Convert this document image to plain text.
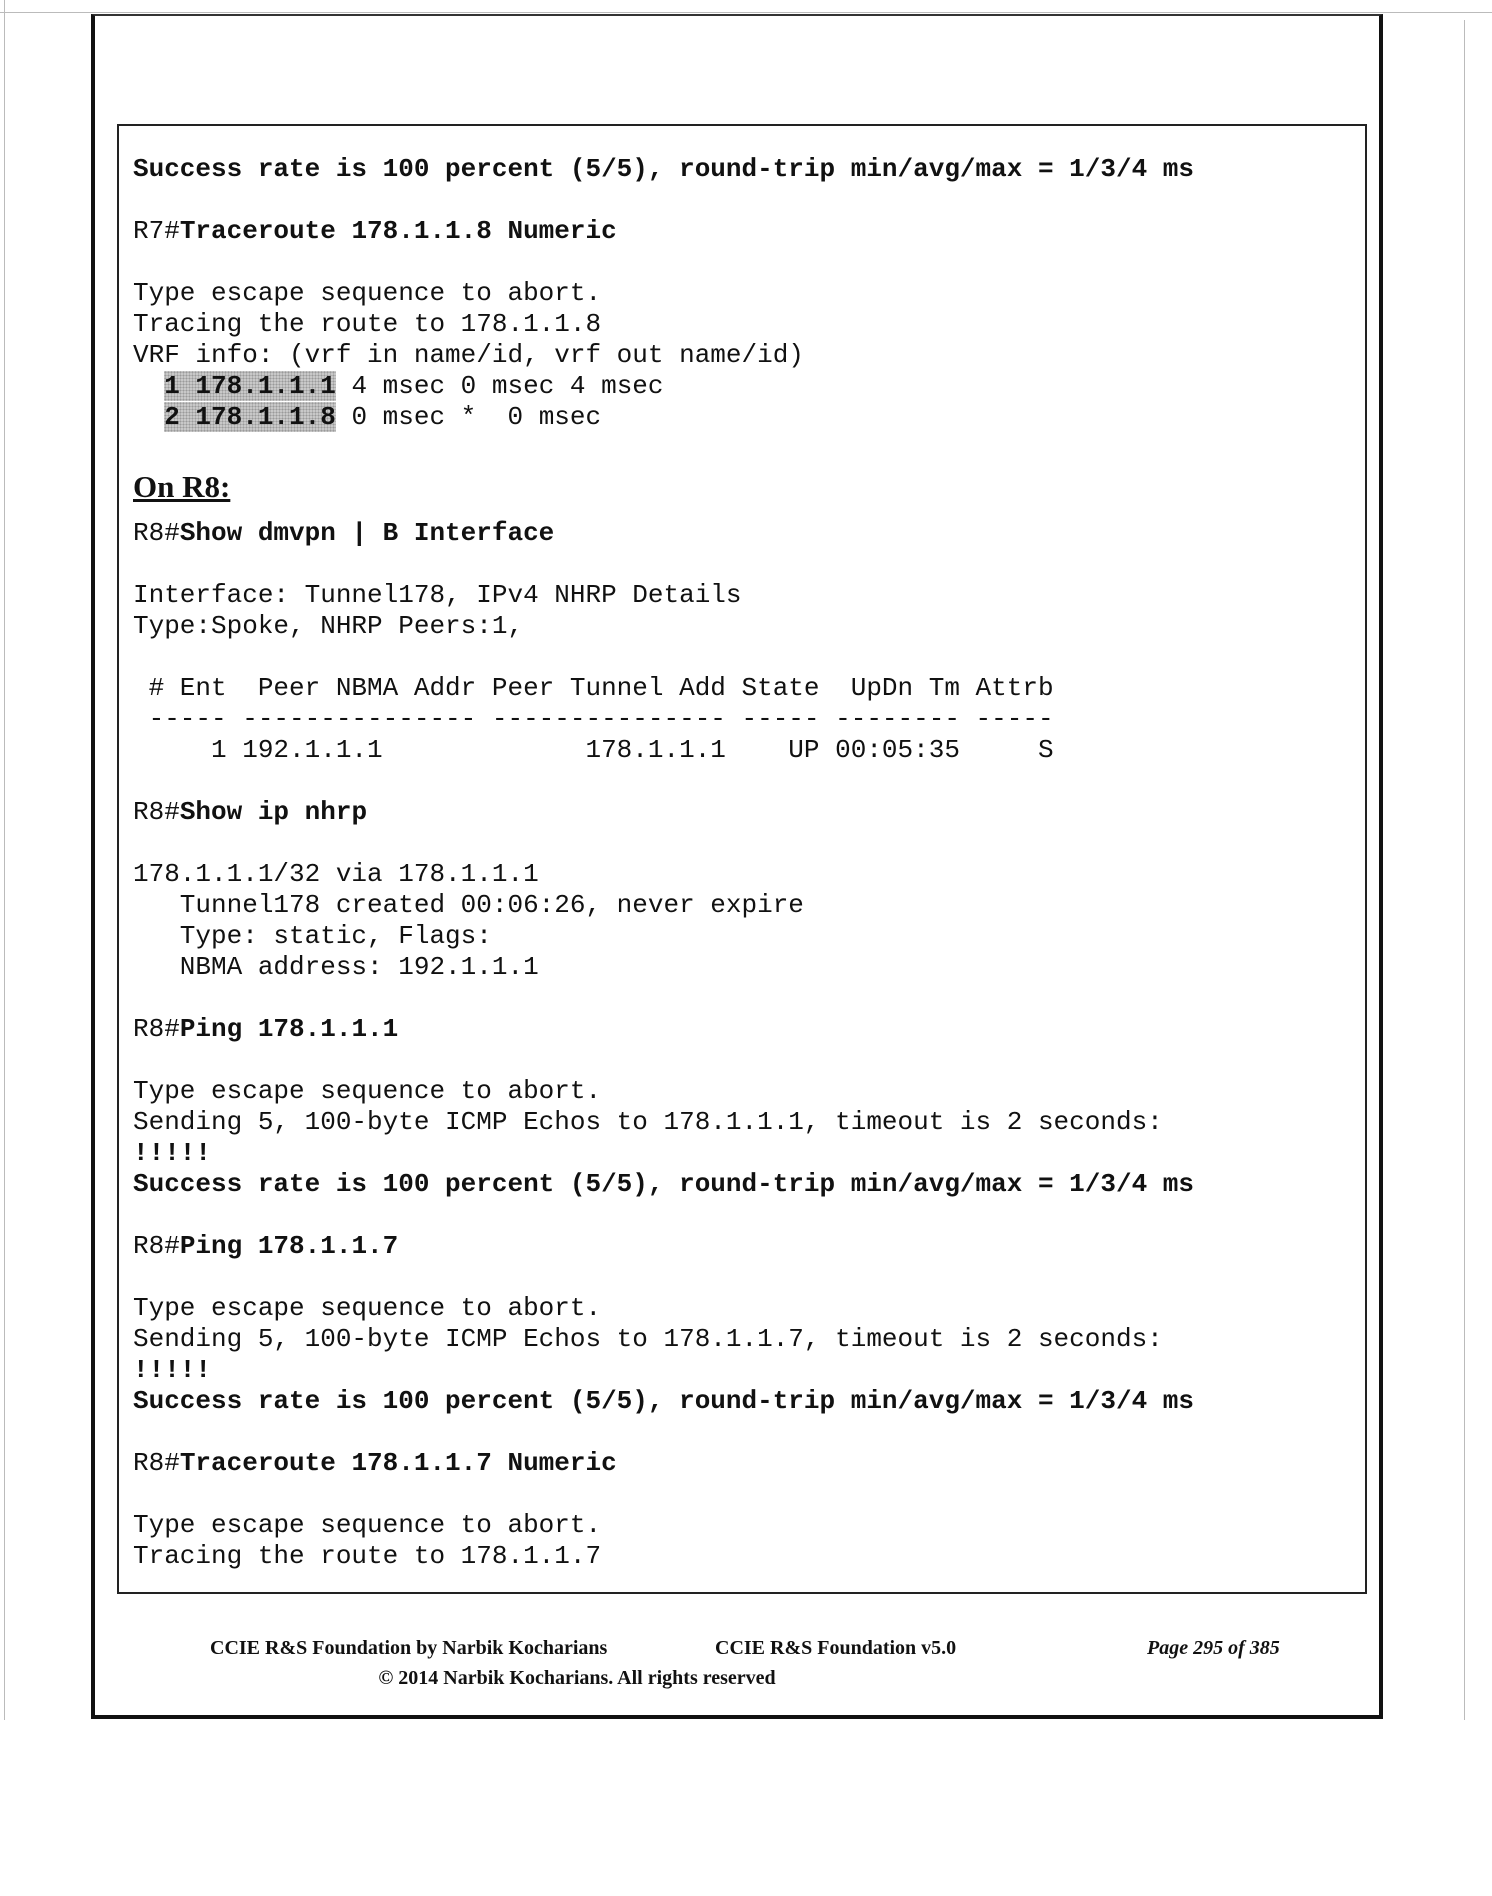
Success rate is 100 percent (5/5), round-trip min/avg/max = 1/3/4 ms
R7#Traceroute 178.1.1.8 Numeric
Type escape sequence to abort.
Tracing the route to 178.1.1.8
VRF info: (vrf in name/id, vrf out name/id)
1 178.1.1.1 4 msec 0 msec 4 msec
2 178.1.1.8 0 msec *  0 msec
On R8:
R8#Show dmvpn | B Interface
Interface: Tunnel178, IPv4 NHRP Details
Type:Spoke, NHRP Peers:1,
# Ent  Peer NBMA Addr Peer Tunnel Add State  UpDn Tm Attrb
----- --------------- --------------- ----- -------- -----
1 192.1.1.1             178.1.1.1    UP 00:05:35     S
R8#Show ip nhrp
178.1.1.1/32 via 178.1.1.1
Tunnel178 created 00:06:26, never expire
Type: static, Flags:
NBMA address: 192.1.1.1
R8#Ping 178.1.1.1
Type escape sequence to abort.
Sending 5, 100-byte ICMP Echos to 178.1.1.1, timeout is 2 seconds:
!!!!!
Success rate is 100 percent (5/5), round-trip min/avg/max = 1/3/4 ms
R8#Ping 178.1.1.7
Type escape sequence to abort.
Sending 5, 100-byte ICMP Echos to 178.1.1.7, timeout is 2 seconds:
!!!!!
Success rate is 100 percent (5/5), round-trip min/avg/max = 1/3/4 ms
R8#Traceroute 178.1.1.7 Numeric
Type escape sequence to abort.
Tracing the route to 178.1.1.7
CCIE R&S Foundation by Narbik Kocharians	CCIE R&S Foundation v5.0	Page 295 of 385
© 2014 Narbik Kocharians. All rights reserved
